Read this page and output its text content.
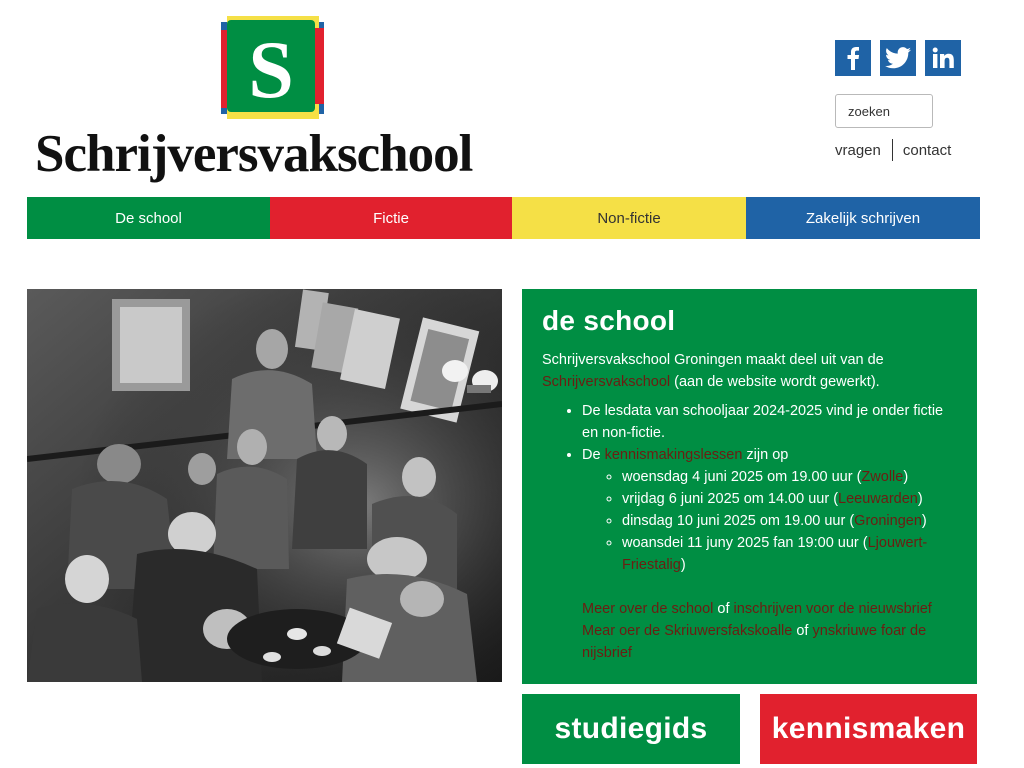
S
Schrijversvakschool
zoeken	vragen contact
De school	Fictie	Non-fictie	Zakelijk schrijven
de school

Schrijversvakschool Groningen maakt deel uit van de Schrijversvakschool (aan de website wordt gewerkt).

• De lesdata van schooljaar 2024-2025 vind je onder fictie en non-fictie.
• De kennismakingslessen zijn op
◦ woensdag 4 juni 2025 om 19.00 uur (Zwolle)
◦ vrijdag 6 juni 2025 om 14.00 uur (Leeuwarden)
◦ dinsdag 10 juni 2025 om 19.00 uur (Groningen)
◦ woansdei 11 juny 2025 fan 19:00 uur (Ljouwert-Friestalig)
Meer over de school of inschrijven voor de nieuwsbrief
Mear oer de Skriuwersfakskoalle of ynskriuwe foar de nijsbrief
studiegids	kennismaken
